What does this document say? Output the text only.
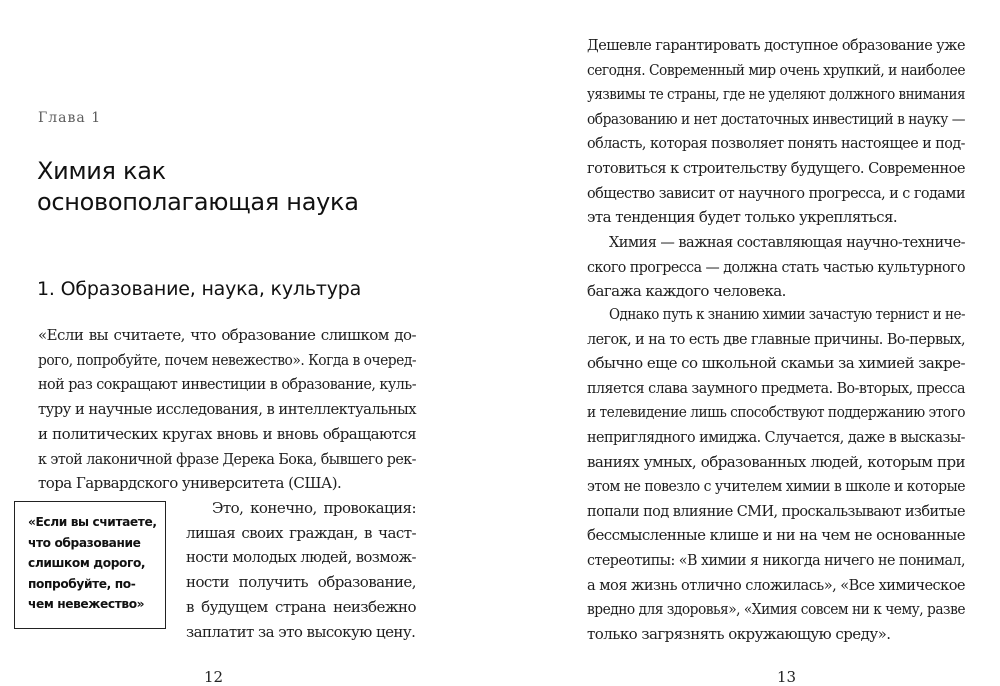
Глава 1
Химия как
основополагающая наука
1. Образование, наука, культура
«Если вы считаете, что образование слишком до-
рого, попробуйте, почем невежество». Когда в очеред-
ной раз сокращают инвестиции в образование, куль-
туру и научные исследования, в интеллектуальных
и политических кругах вновь и вновь обращаются
к этой лаконичной фразе Дерека Бока, бывшего рек-
тора Гарвардского университета (США).
Это, конечно, провокация:
лишая своих граждан, в част-
ности молодых людей, возмож-
ности получить образование,
в будущем страна неизбежно
заплатит за это высокую цену.
«Если вы считаете,
что образование
слишком дорого,
попробуйте, по-
чем невежество»
12
Дешевле гарантировать доступное образование уже
сегодня. Современный мир очень хрупкий, и наиболее
уязвимы те страны, где не уделяют должного внимания
образованию и нет достаточных инвестиций в науку —
область, которая позволяет понять настоящее и под-
готовиться к строительству будущего. Современное
общество зависит от научного прогресса, и с годами
эта тенденция будет только укрепляться.
Химия — важная составляющая научно-техниче-
ского прогресса — должна стать частью культурного
багажа каждого человека.
Однако путь к знанию химии зачастую тернист и не-
легок, и на то есть две главные причины. Во-первых,
обычно еще со школьной скамьи за химией закре-
пляется слава заумного предмета. Во-вторых, пресса
и телевидение лишь способствуют поддержанию этого
неприглядного имиджа. Случается, даже в высказы-
ваниях умных, образованных людей, которым при
этом не повезло с учителем химии в школе и которые
попали под влияние СМИ, проскальзывают избитые
бессмысленные клише и ни на чем не основанные
стереотипы: «В химии я никогда ничего не понимал,
а моя жизнь отлично сложилась», «Все химическое
вредно для здоровья», «Химия совсем ни к чему, разве
только загрязнять окружающую среду».
13
